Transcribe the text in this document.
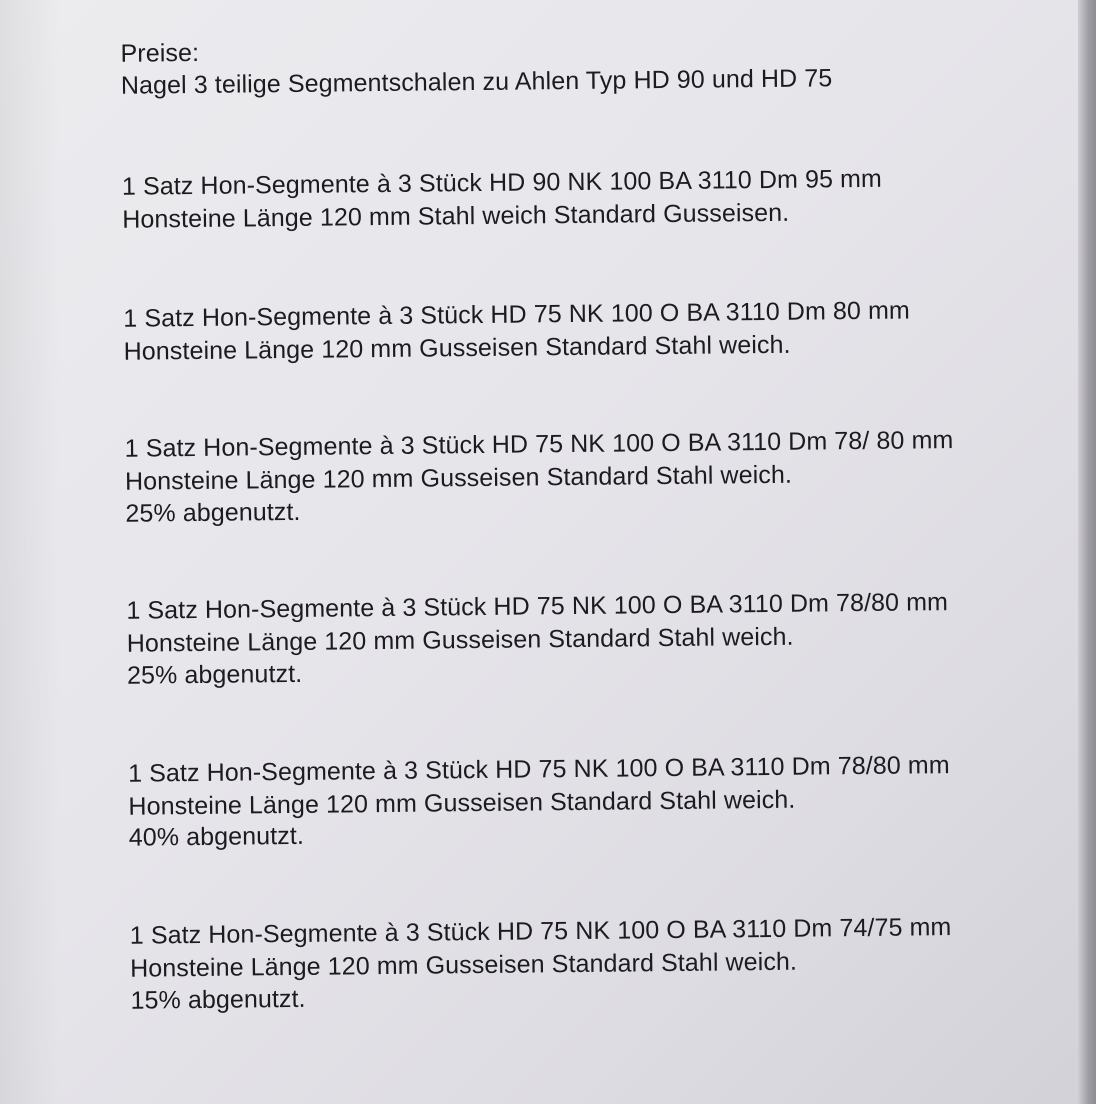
Preise:
Nagel 3 teilige Segmentschalen zu Ahlen Typ HD 90 und HD 75
1 Satz Hon-Segmente à 3 Stück HD 90 NK 100 BA 3110 Dm 95 mm
Honsteine Länge 120 mm Stahl weich Standard Gusseisen.
1 Satz Hon-Segmente à 3 Stück HD 75 NK 100 O BA 3110 Dm 80 mm
Honsteine Länge 120 mm Gusseisen Standard Stahl weich.
1 Satz Hon-Segmente à 3 Stück HD 75 NK 100 O BA 3110 Dm 78/ 80 mm
Honsteine Länge 120 mm Gusseisen Standard Stahl weich.
25% abgenutzt.
1 Satz Hon-Segmente à 3 Stück HD 75 NK 100 O BA 3110 Dm 78/80 mm
Honsteine Länge 120 mm Gusseisen Standard Stahl weich.
25% abgenutzt.
1 Satz Hon-Segmente à 3 Stück HD 75 NK 100 O BA 3110 Dm 78/80 mm
Honsteine Länge 120 mm Gusseisen Standard Stahl weich.
40% abgenutzt.
1 Satz Hon-Segmente à 3 Stück HD 75 NK 100 O BA 3110 Dm 74/75 mm
Honsteine Länge 120 mm Gusseisen Standard Stahl weich.
15% abgenutzt.
